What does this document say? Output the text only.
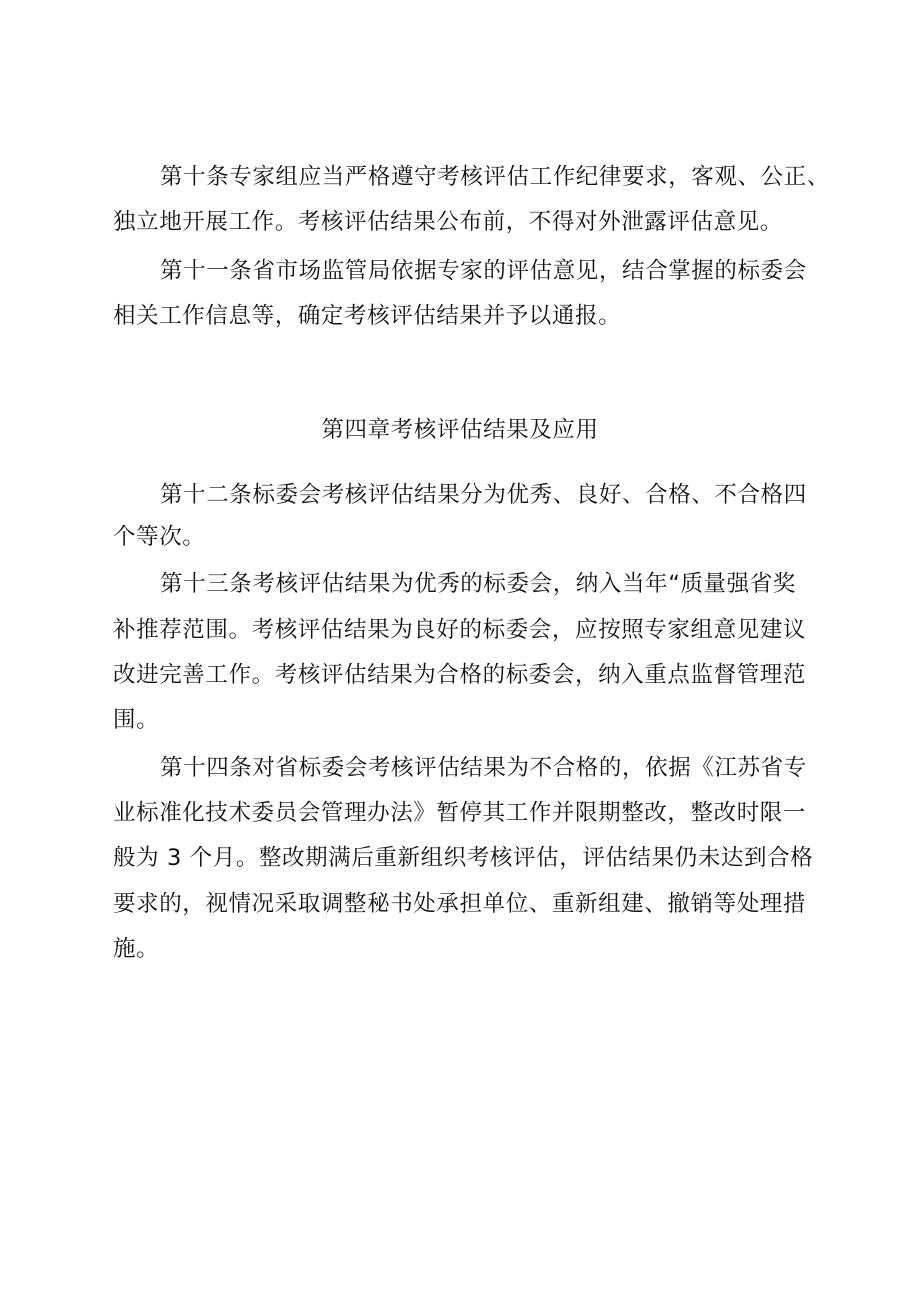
第十条专家组应当严格遵守考核评估工作纪律要求，客观、公正、
独立地开展工作。考核评估结果公布前，不得对外泄露评估意见。
第十一条省市场监管局依据专家的评估意见，结合掌握的标委会
相关工作信息等，确定考核评估结果并予以通报。
第四章考核评估结果及应用
第十二条标委会考核评估结果分为优秀、良好、合格、不合格四
个等次。
第十三条考核评估结果为优秀的标委会，纳入当年“质量强省奖
补推荐范围。考核评估结果为良好的标委会，应按照专家组意见建议
改进完善工作。考核评估结果为合格的标委会，纳入重点监督管理范
围。
第十四条对省标委会考核评估结果为不合格的，依据《江苏省专
业标准化技术委员会管理办法》暂停其工作并限期整改，整改时限一
般为 3 个月。整改期满后重新组织考核评估，评估结果仍未达到合格
要求的，视情况采取调整秘书处承担单位、重新组建、撤销等处理措
施。
